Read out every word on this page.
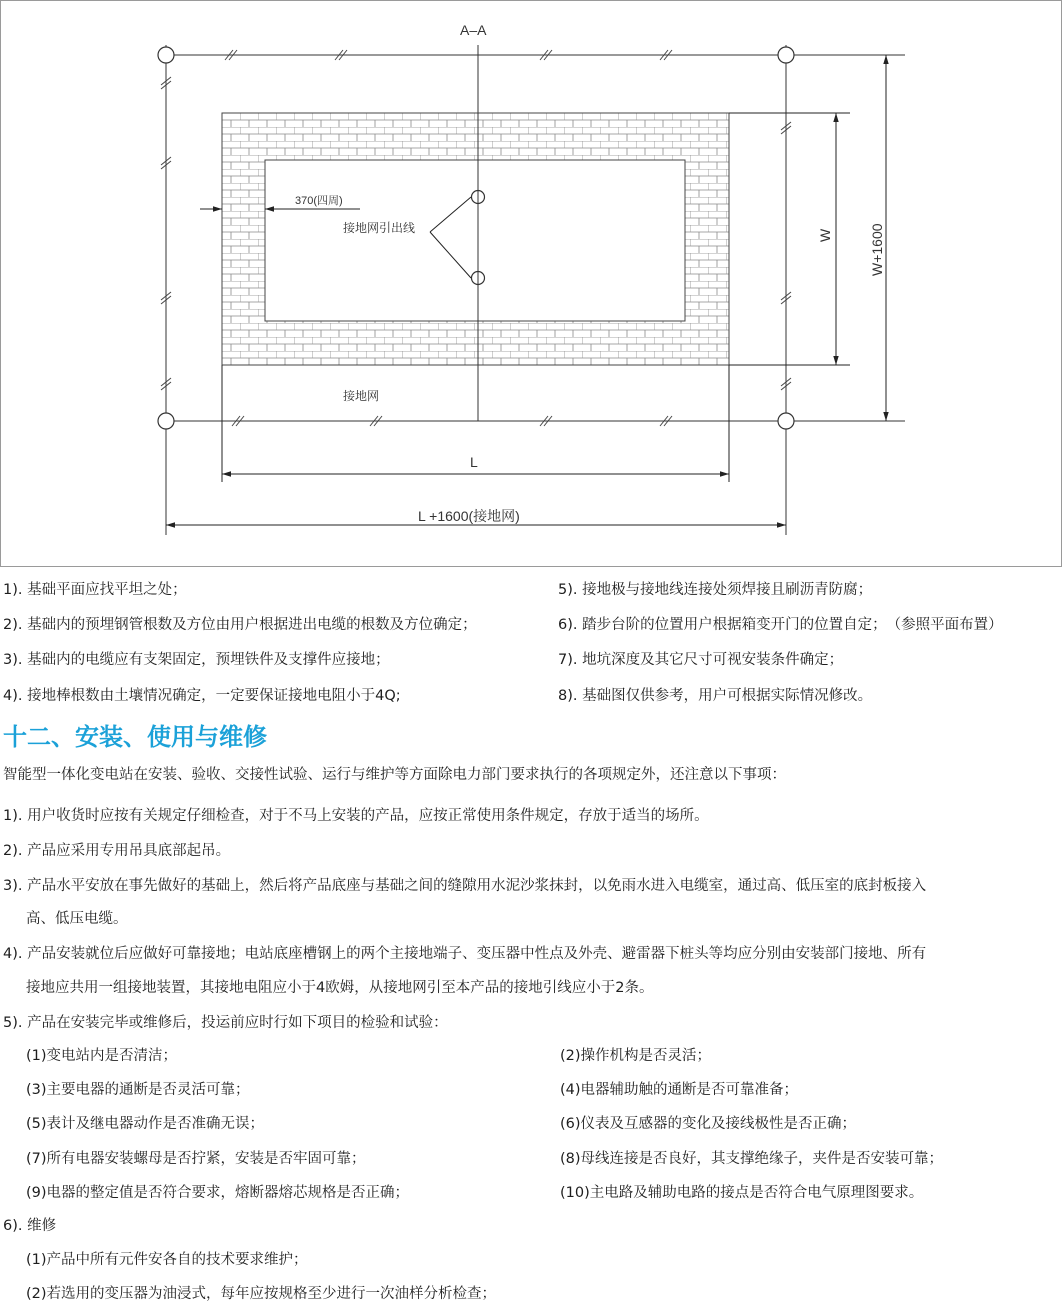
A–A
370(四周)
接地网引出线
接地网
W	W+1600
L
L +1600(接地网)
1). 基础平面应找平坦之处；
2). 基础内的预埋钢管根数及方位由用户根据进出电缆的根数及方位确定；
3). 基础内的电缆应有支架固定，预埋铁件及支撑件应接地；
4). 接地棒根数由土壤情况确定，一定要保证接地电阻小于4Q;
5). 接地极与接地线连接处须焊接且刷沥青防腐；
6). 踏步台阶的位置用户根据箱变开门的位置自定；　（参照平面布置）
7). 地坑深度及其它尺寸可视安装条件确定；
8). 基础图仅供参考，用户可根据实际情况修改。
十二、安装、使用与维修
智能型一体化变电站在安装、验收、交接性试验、运行与维护等方面除电力部门要求执行的各项规定外，还注意以下事项：
1). 用户收货时应按有关规定仔细检查，对于不马上安装的产品，应按正常使用条件规定，存放于适当的场所。
2). 产品应采用专用吊具底部起吊。
3). 产品水平安放在事先做好的基础上，然后将产品底座与基础之间的缝隙用水泥沙浆抹封，以免雨水进入电缆室，通过高、低压室的底封板接入
高、低压电缆。
4). 产品安装就位后应做好可靠接地；电站底座槽钢上的两个主接地端子、变压器中性点及外壳、避雷器下桩头等均应分别由安装部门接地、所有
接地应共用一组接地装置，其接地电阻应小于4欧姆，从接地网引至本产品的接地引线应小于2条。
5). 产品在安装完毕或维修后，投运前应时行如下项目的检验和试验：
(1)变电站内是否清洁；
(3)主要电器的通断是否灵活可靠；
(5)表计及继电器动作是否准确无误；
(7)所有电器安装螺母是否拧紧，安装是否牢固可靠；
(9)电器的整定值是否符合要求，熔断器熔芯规格是否正确；
(2)操作机构是否灵活；
(4)电器辅助触的通断是否可靠准备；
(6)仪表及互感器的变化及接线极性是否正确；
(8)母线连接是否良好，其支撑绝缘子，夹件是否安装可靠；
(10)主电路及辅助电路的接点是否符合电气原理图要求。
6). 维修
(1)产品中所有元件安各自的技术要求维护；
(2)若选用的变压器为油浸式，每年应按规格至少进行一次油样分析检查；
